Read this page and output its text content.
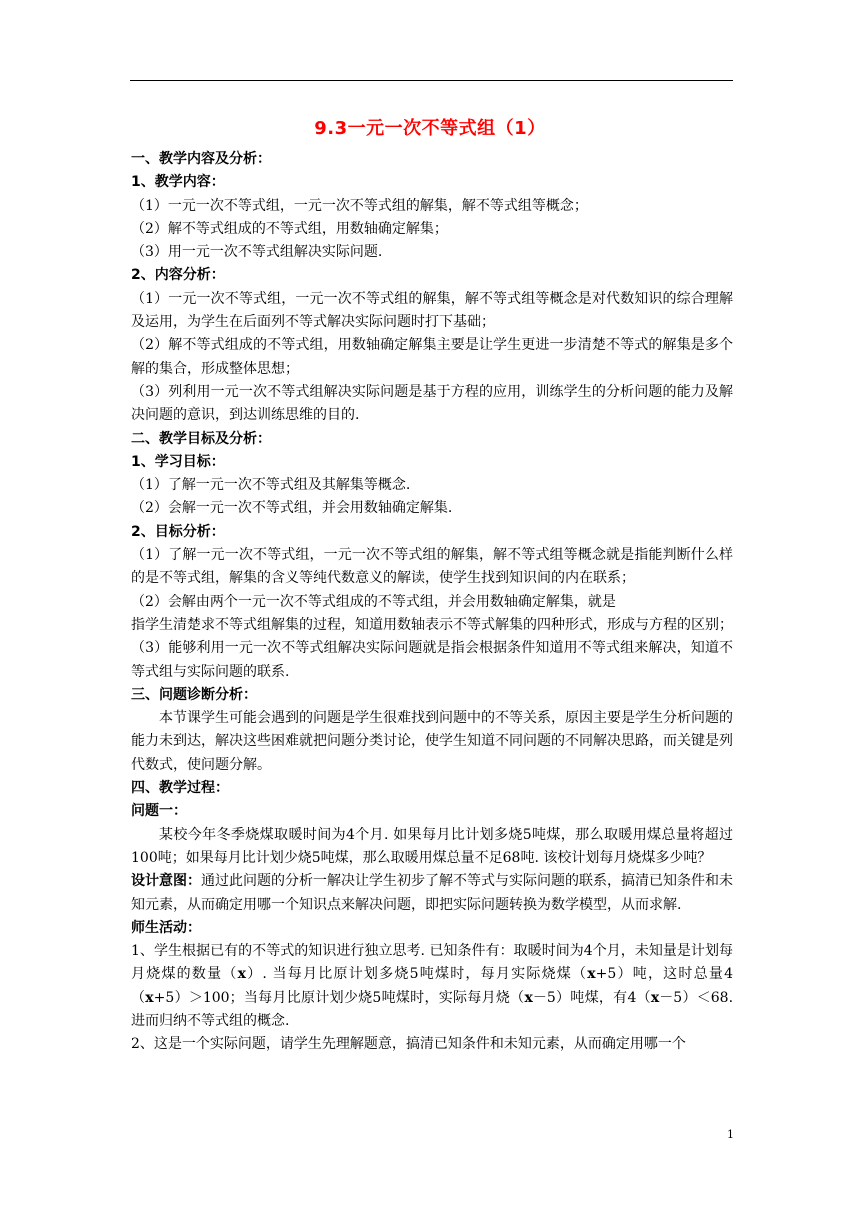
9.3一元一次不等式组（1）

一、教学内容及分析：

1、教学内容：

（1）一元一次不等式组，一元一次不等式组的解集，解不等式组等概念；

（2）解不等式组成的不等式组，用数轴确定解集；

（3）用一元一次不等式组解决实际问题.

2、内容分析：

（1）一元一次不等式组，一元一次不等式组的解集，解不等式组等概念是对代数知识的综合理解及运用，为学生在后面列不等式解决实际问题时打下基础；

（2）解不等式组成的不等式组，用数轴确定解集主要是让学生更进一步清楚不等式的解集是多个解的集合，形成整体思想；

（3）列利用一元一次不等式组解决实际问题是基于方程的应用，训练学生的分析问题的能力及解决问题的意识，到达训练思维的目的.

二、教学目标及分析：

1、学习目标：

（1）了解一元一次不等式组及其解集等概念.

（2）会解一元一次不等式组，并会用数轴确定解集.

2、目标分析：

（1）了解一元一次不等式组，一元一次不等式组的解集，解不等式组等概念就是指能判断什么样的是不等式组，解集的含义等纯代数意义的解读，使学生找到知识间的内在联系；

（2）会解由两个一元一次不等式组成的不等式组，并会用数轴确定解集，就是

指学生清楚求不等式组解集的过程，知道用数轴表示不等式解集的四种形式，形成与方程的区别；

（3）能够利用一元一次不等式组解决实际问题就是指会根据条件知道用不等式组来解决，知道不等式组与实际问题的联系.

三、问题诊断分析：

本节课学生可能会遇到的问题是学生很难找到问题中的不等关系，原因主要是学生分析问题的能力未到达，解决这些困难就把问题分类讨论，使学生知道不同问题的不同解决思路，而关键是列代数式，使问题分解。

四、教学过程：

问题一：

某校今年冬季烧煤取暖时间为4个月. 如果每月比计划多烧5吨煤，那么取暖用煤总量将超过100吨；如果每月比计划少烧5吨煤，那么取暖用煤总量不足68吨. 该校计划每月烧煤多少吨？

设计意图：通过此问题的分析一解决让学生初步了解不等式与实际问题的联系，搞清已知条件和未知元素，从而确定用哪一个知识点来解决问题，即把实际问题转换为数学模型，从而求解.

师生活动：

1、学生根据已有的不等式的知识进行独立思考. 已知条件有：取暖时间为4个月，未知量是计划每月烧煤的数量（x）. 当每月比原计划多烧5吨煤时，每月实际烧煤（x+5）吨，这时总量4（x+5）＞100；当每月比原计划少烧5吨煤时，实际每月烧（x－5）吨煤，有4（x－5）＜68. 进而归纳不等式组的概念.

2、这是一个实际问题，请学生先理解题意，搞清已知条件和未知元素，从而确定用哪一个

1
